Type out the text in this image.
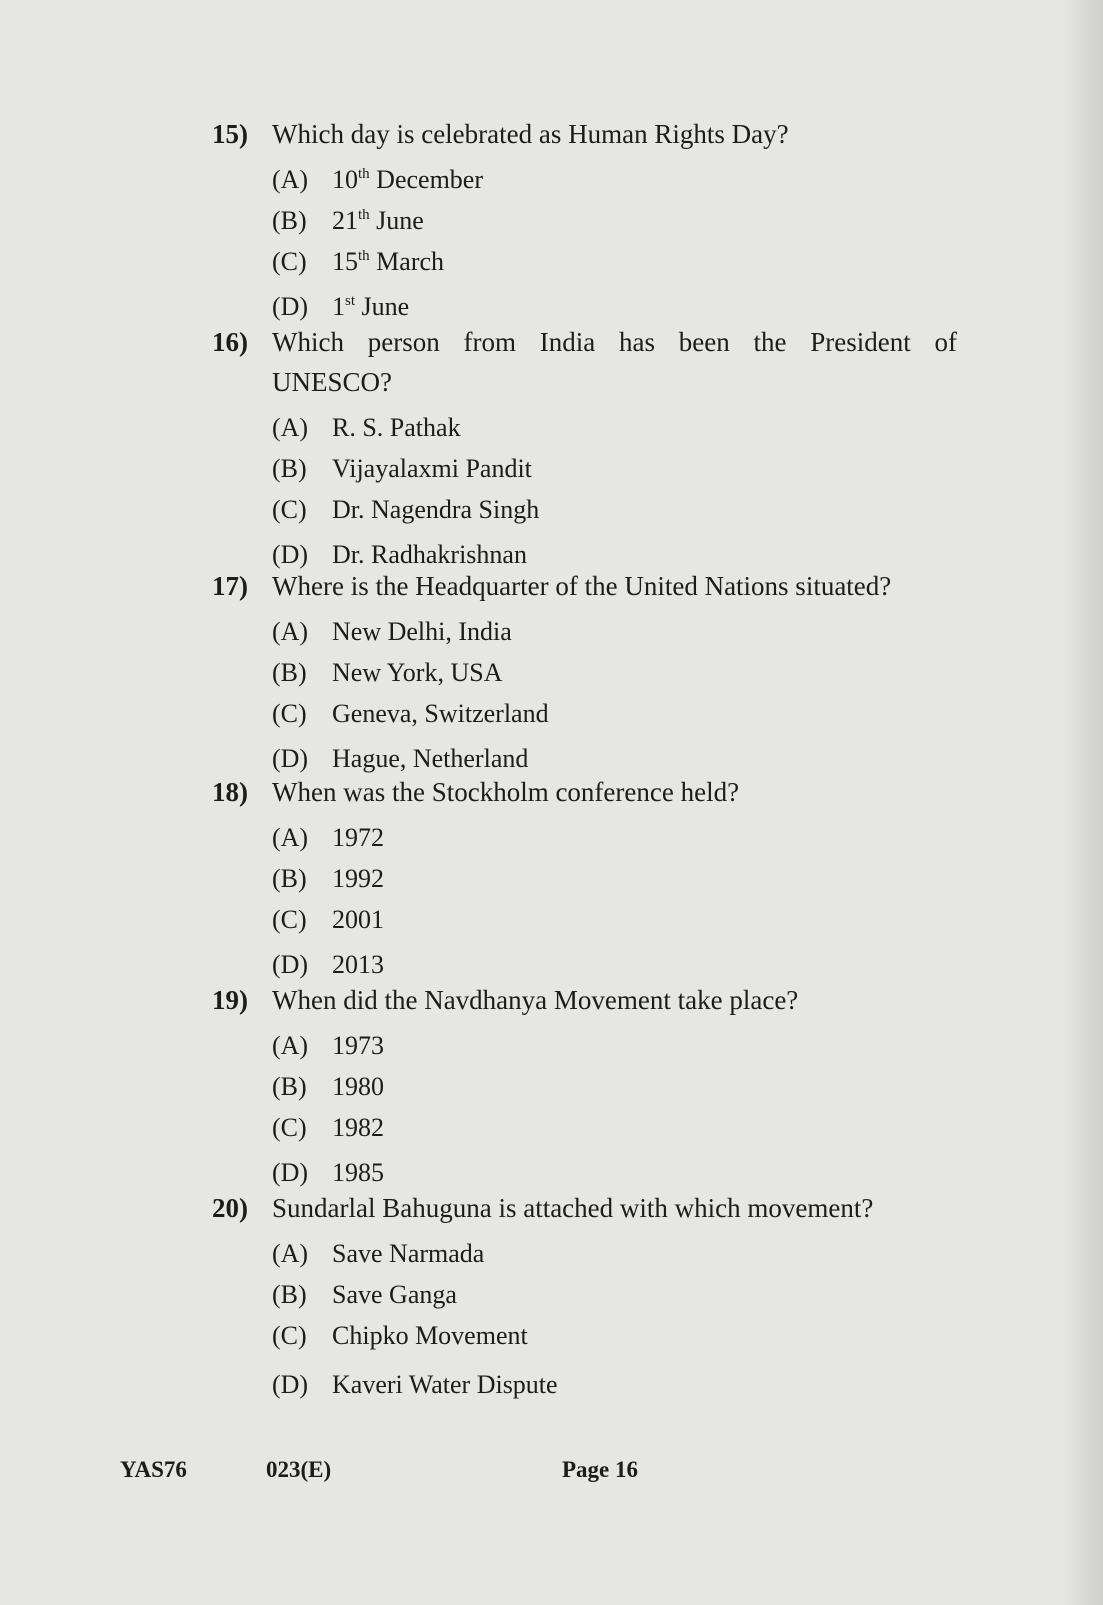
15) Which day is celebrated as Human Rights Day?
(A) 10th December
(B) 21th June
(C) 15th March
(D) 1st June
16) Which person from India has been the President of
UNESCO?
(A) R. S. Pathak
(B) Vijayalaxmi Pandit
(C) Dr. Nagendra Singh
(D) Dr. Radhakrishnan
17) Where is the Headquarter of the United Nations situated?
(A) New Delhi, India
(B) New York, USA
(C) Geneva, Switzerland
(D) Hague, Netherland
18) When was the Stockholm conference held?
(A) 1972
(B) 1992
(C) 2001
(D) 2013
19) When did the Navdhanya Movement take place?
(A) 1973
(B) 1980
(C) 1982
(D) 1985
20) Sundarlal Bahuguna is attached with which movement?
(A) Save Narmada
(B) Save Ganga
(C) Chipko Movement
(D) Kaveri Water Dispute
YAS76	023(E)	Page 16
